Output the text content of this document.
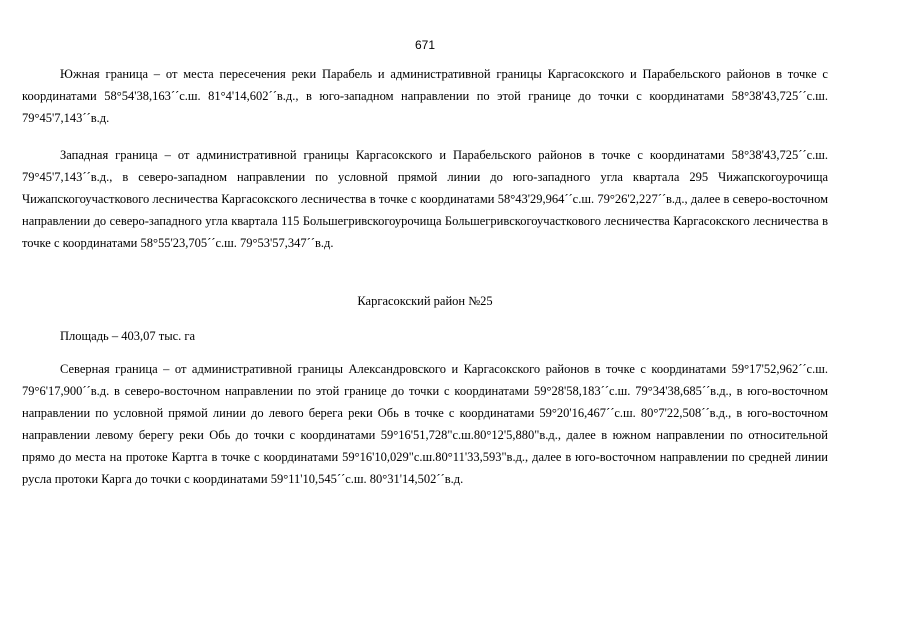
671

Южная граница – от места пересечения реки Парабель и административной границы Каргасокского и Парабельского районов в точке с координатами 58°54'38,163´´с.ш. 81°4'14,602´´в.д., в юго-западном направлении по этой границе до точки с координатами 58°38'43,725´´с.ш. 79°45'7,143´´в.д.

Западная граница – от административной границы Каргасокского и Парабельского районов в точке с координатами 58°38'43,725´´с.ш. 79°45'7,143´´в.д., в северо-западном направлении по условной прямой линии до юго-западного угла квартала 295 Чижапскогоурочища Чижапскогоучасткового лесничества Каргасокского лесничества в точке с координатами 58°43'29,964´´с.ш. 79°26'2,227´´в.д., далее в северо-восточном направлении до северо-западного угла квартала 115 Большегривскогоурочища Большегривскогоучасткового лесничества Каргасокского лесничества в точке с координатами 58°55'23,705´´с.ш. 79°53'57,347´´в.д.

Каргасокский район №25
Площадь – 403,07 тыс. га

Северная граница – от административной границы Александровского и Каргасокского районов в точке с координатами 59°17'52,962´´с.ш. 79°6'17,900´´в.д. в северо-восточном направлении по этой границе до точки с координатами 59°28'58,183´´с.ш. 79°34'38,685´´в.д., в юго-восточном направлении по условной прямой линии до левого берега реки Обь в точке с координатами 59°20'16,467´´с.ш. 80°7'22,508´´в.д., в юго-восточном направлении левому берегу реки Обь до точки с координатами 59°16'51,728"с.ш.80°12'5,880"в.д., далее в южном направлении по относительной прямо до места на протоке Картга в точке с координатами 59°16'10,029"с.ш.80°11'33,593"в.д., далее в юго-восточном направлении по средней линии русла протоки Карга до точки с координатами 59°11'10,545´´с.ш. 80°31'14,502´´в.д.
